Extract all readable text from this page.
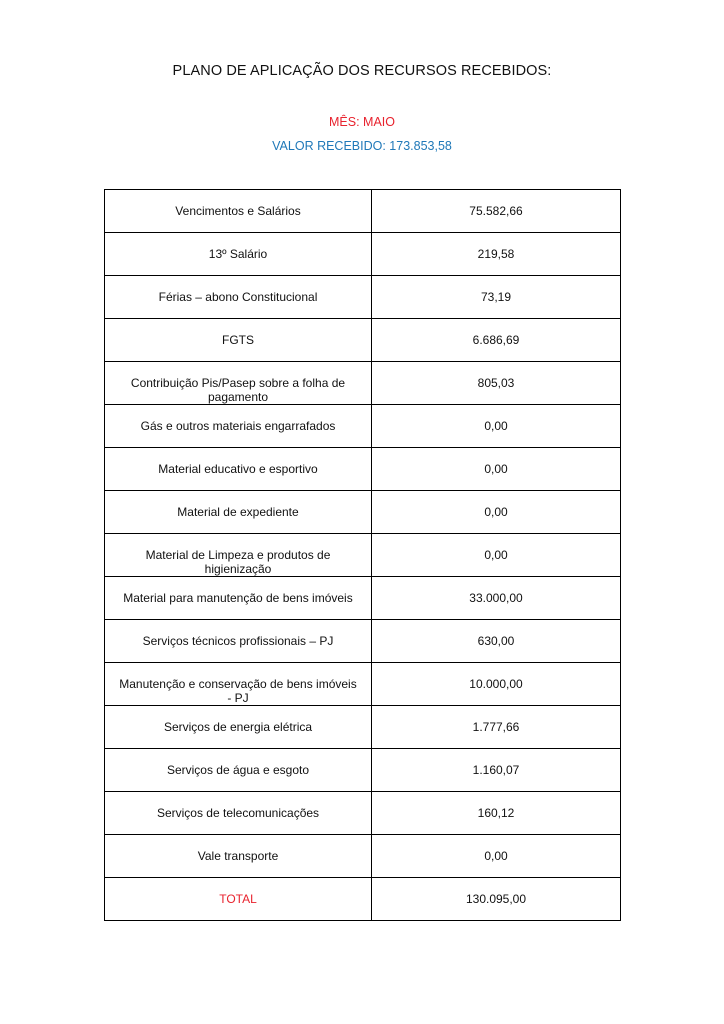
PLANO DE APLICAÇÃO DOS RECURSOS RECEBIDOS:
MÊS: MAIO
VALOR RECEBIDO: 173.853,58
Vencimentos e Salários	75.582,66
13º Salário	219,58
Férias – abono Constitucional	73,19
FGTS	6.686,69
Contribuição Pis/Pasep sobre a folha de pagamento	805,03
Gás e outros materiais engarrafados	0,00
Material educativo e esportivo	0,00
Material de expediente	0,00
Material de Limpeza e produtos de higienização	0,00
Material para manutenção de bens imóveis	33.000,00
Serviços técnicos profissionais – PJ	630,00
Manutenção e conservação de bens imóveis - PJ	10.000,00
Serviços de energia elétrica	1.777,66
Serviços de água e esgoto	1.160,07
Serviços de telecomunicações	160,12
Vale transporte	0,00
TOTAL	130.095,00
